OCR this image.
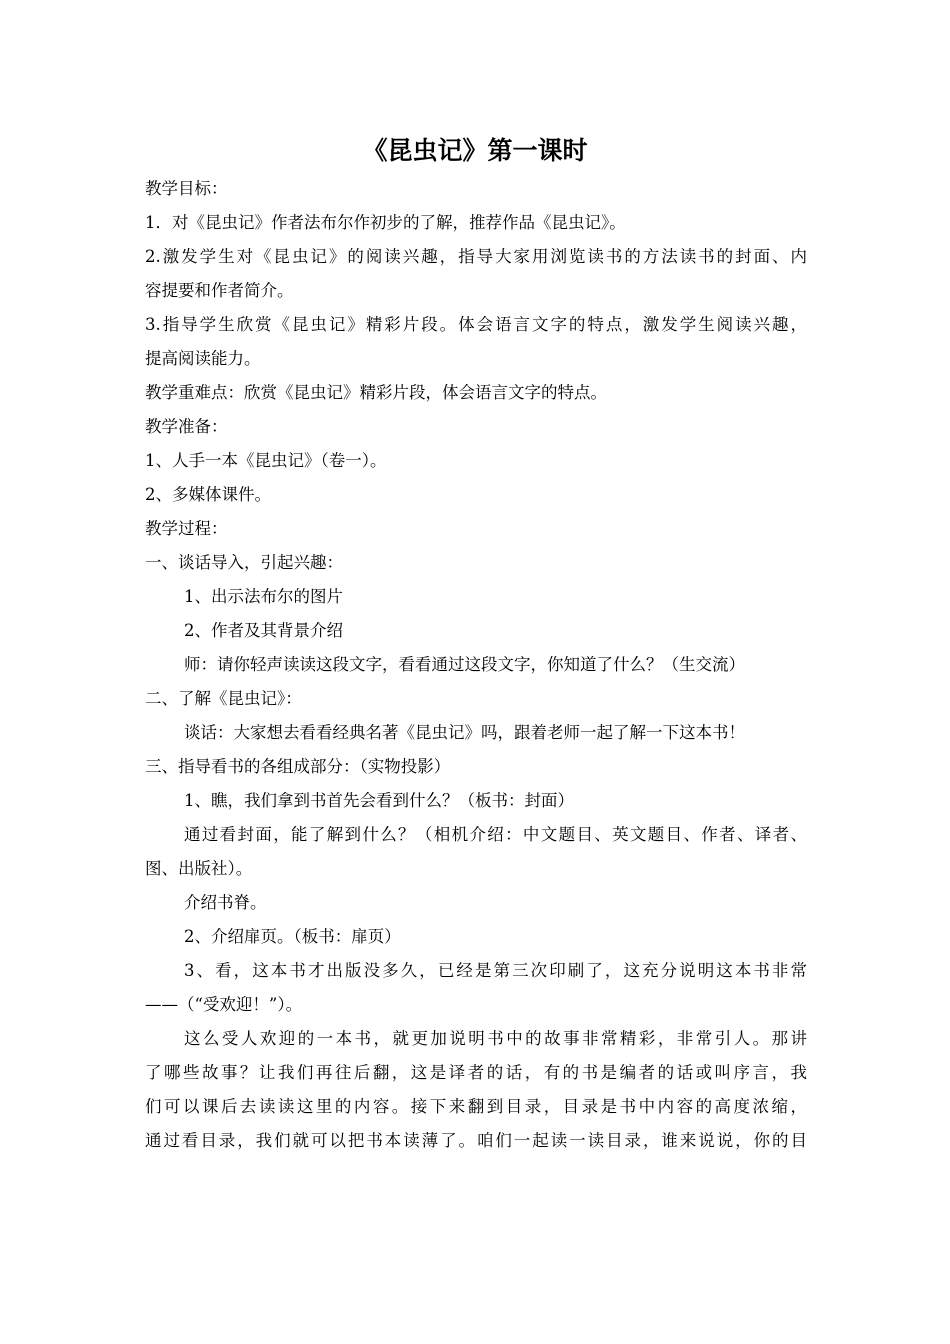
《昆虫记》第一课时
教学目标：
1．对《昆虫记》作者法布尔作初步的了解，推荐作品《昆虫记》。
2.激发学生对《昆虫记》的阅读兴趣，指导大家用浏览读书的方法读书的封面、内
容提要和作者简介。
3.指导学生欣赏《昆虫记》精彩片段。体会语言文字的特点，激发学生阅读兴趣，
提高阅读能力。
教学重难点：欣赏《昆虫记》精彩片段，体会语言文字的特点。
教学准备：
1、人手一本《昆虫记》（卷一）。
2、多媒体课件。
教学过程：
一、谈话导入，引起兴趣：
1、出示法布尔的图片
2、作者及其背景介绍
师：请你轻声读读这段文字，看看通过这段文字，你知道了什么？（生交流）
二、了解《昆虫记》：
谈话：大家想去看看经典名著《昆虫记》吗，跟着老师一起了解一下这本书！
三、指导看书的各组成部分：（实物投影）
1、瞧，我们拿到书首先会看到什么？（板书：封面）
通过看封面，能了解到什么？（相机介绍：中文题目、英文题目、作者、译者、
图、出版社）。
介绍书脊。
2、介绍扉页。（板书：扉页）
3、看，这本书才出版没多久，已经是第三次印刷了，这充分说明这本书非常
——（“受欢迎！”）。
这么受人欢迎的一本书，就更加说明书中的故事非常精彩，非常引人。那讲
了哪些故事？让我们再往后翻，这是译者的话，有的书是编者的话或叫序言，我
们可以课后去读读这里的内容。接下来翻到目录，目录是书中内容的高度浓缩，
通过看目录，我们就可以把书本读薄了。咱们一起读一读目录，谁来说说，你的目
